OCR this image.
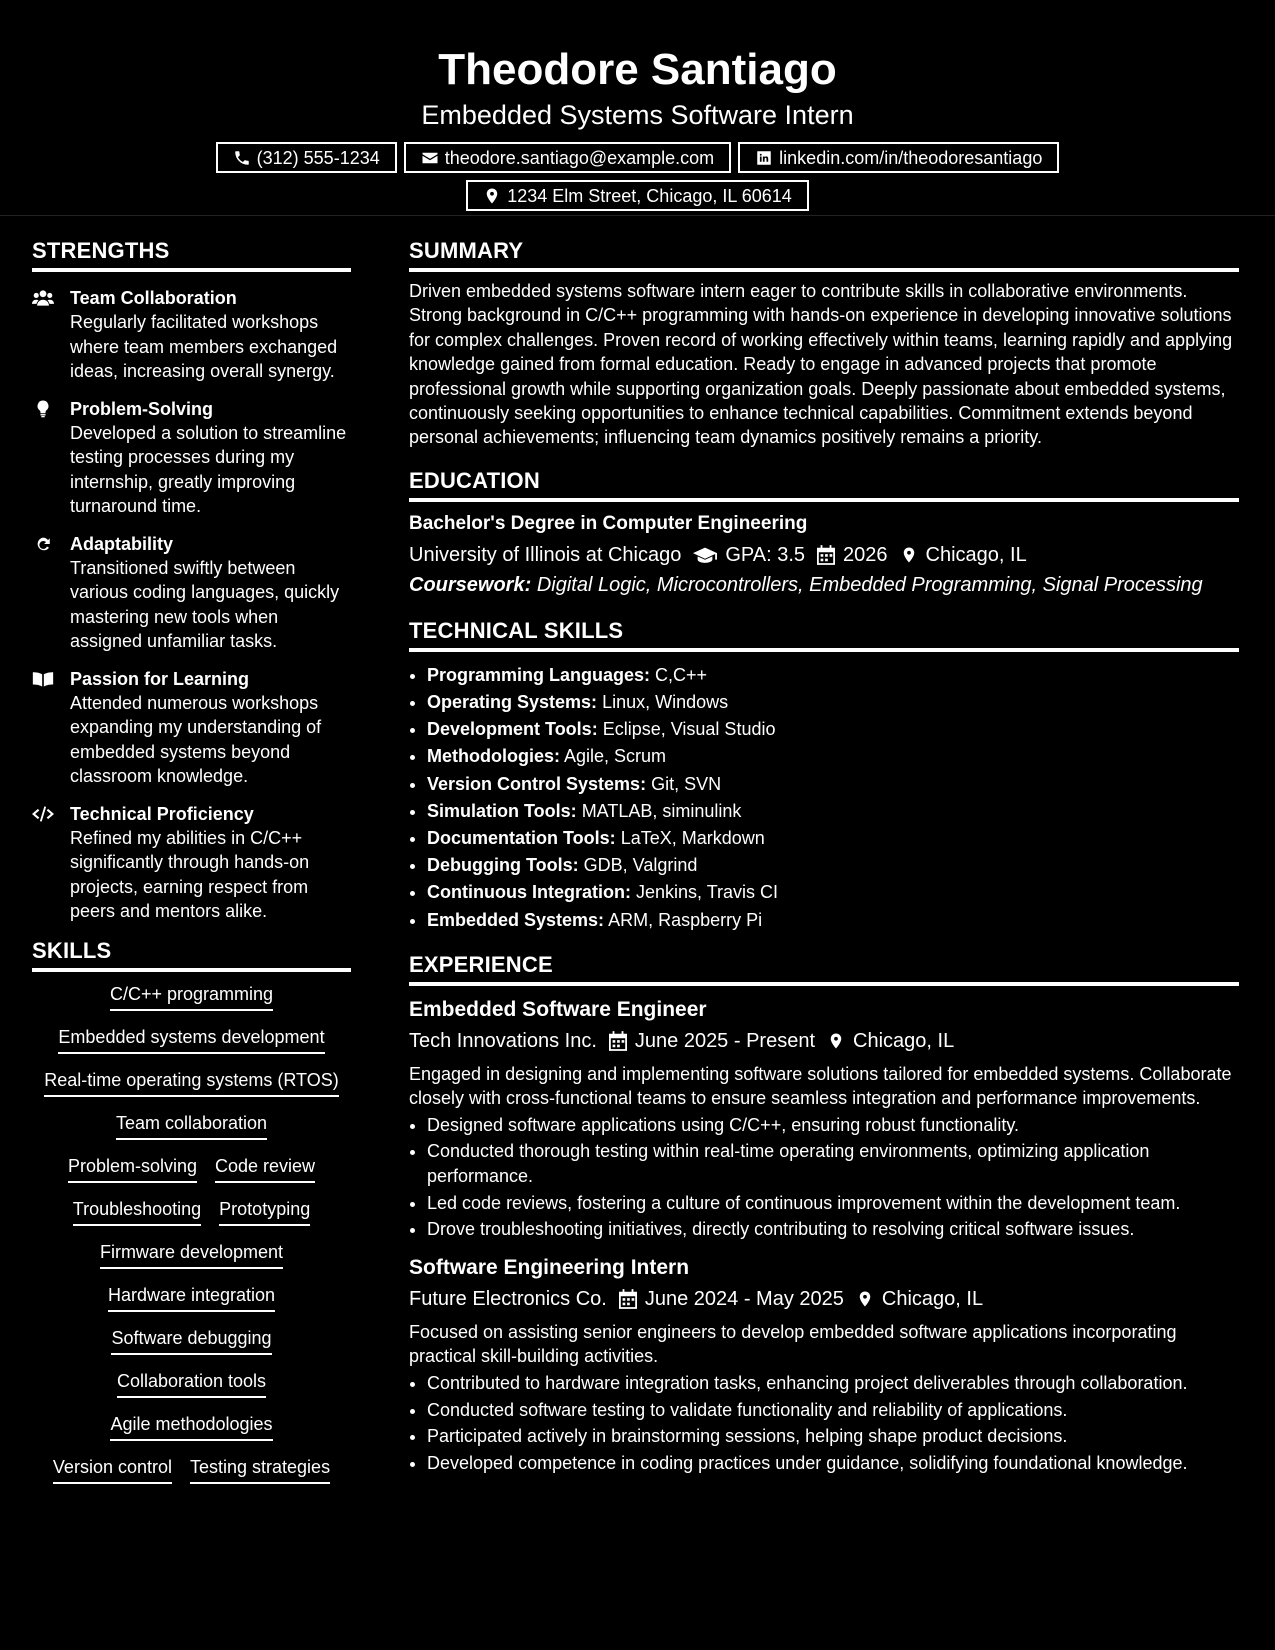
Theodore Santiago
Embedded Systems Software Intern
(312) 555-1234	theodore.santiago@example.com	linkedin.com/in/theodoresantiago
1234 Elm Street, Chicago, IL 60614
STRENGTHS
Team Collaboration
Regularly facilitated workshops where team members exchanged ideas, increasing overall synergy.
Problem-Solving
Developed a solution to streamline testing processes during my internship, greatly improving turnaround time.
Adaptability
Transitioned swiftly between various coding languages, quickly mastering new tools when assigned unfamiliar tasks.
Passion for Learning
Attended numerous workshops expanding my understanding of embedded systems beyond classroom knowledge.
Technical Proficiency
Refined my abilities in C/C++ significantly through hands-on projects, earning respect from peers and mentors alike.
SKILLS
C/C++ programming
Embedded systems development
Real-time operating systems (RTOS)
Team collaboration
Problem-solving Code review
Troubleshooting Prototyping
Firmware development
Hardware integration
Software debugging
Collaboration tools
Agile methodologies
Version control Testing strategies
SUMMARY

Driven embedded systems software intern eager to contribute skills in collaborative environments. Strong background in C/C++ programming with hands-on experience in developing innovative solutions for complex challenges. Proven record of working effectively within teams, learning rapidly and applying knowledge gained from formal education. Ready to engage in advanced projects that promote professional growth while supporting organization goals. Deeply passionate about embedded systems, continuously seeking opportunities to enhance technical capabilities. Commitment extends beyond personal achievements; influencing team dynamics positively remains a priority.

EDUCATION
Bachelor's Degree in Computer Engineering
University of Illinois at Chicago GPA: 3.5 2026 Chicago, IL
Coursework: Digital Logic, Microcontrollers, Embedded Programming, Signal Processing
TECHNICAL SKILLS
• Programming Languages: C,C++
• Operating Systems: Linux, Windows
• Development Tools: Eclipse, Visual Studio
• Methodologies: Agile, Scrum
• Version Control Systems: Git, SVN
• Simulation Tools: MATLAB, siminulink
• Documentation Tools: LaTeX, Markdown
• Debugging Tools: GDB, Valgrind
• Continuous Integration: Jenkins, Travis CI
• Embedded Systems: ARM, Raspberry Pi
EXPERIENCE
Embedded Software Engineer
Tech Innovations Inc. June 2025 - Present Chicago, IL
Engaged in designing and implementing software solutions tailored for embedded systems. Collaborate closely with cross-functional teams to ensure seamless integration and performance improvements.
• Designed software applications using C/C++, ensuring robust functionality.
• Conducted thorough testing within real-time operating environments, optimizing application performance.
• Led code reviews, fostering a culture of continuous improvement within the development team.
• Drove troubleshooting initiatives, directly contributing to resolving critical software issues.
Software Engineering Intern
Future Electronics Co. June 2024 - May 2025 Chicago, IL
Focused on assisting senior engineers to develop embedded software applications incorporating practical skill-building activities.
• Contributed to hardware integration tasks, enhancing project deliverables through collaboration.
• Conducted software testing to validate functionality and reliability of applications.
• Participated actively in brainstorming sessions, helping shape product decisions.
• Developed competence in coding practices under guidance, solidifying foundational knowledge.
